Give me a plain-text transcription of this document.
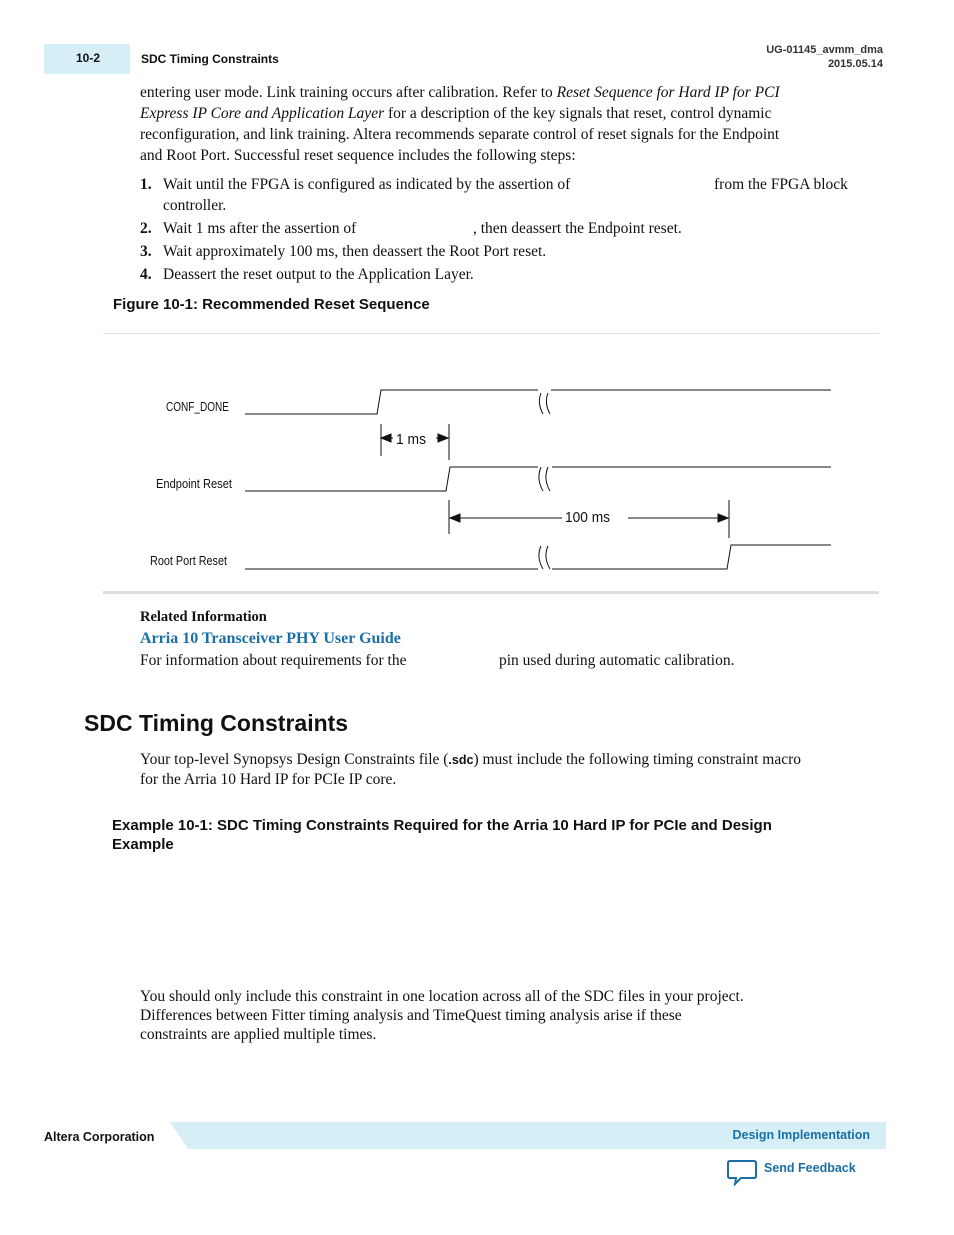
10-2	SDC Timing Constraints
UG-01145_avmm_dma
2015.05.14
entering user mode. Link training occurs after calibration. Refer to Reset Sequence for Hard IP for PCI
Express IP Core and Application Layer for a description of the key signals that reset, control dynamic
reconfiguration, and link training. Altera recommends separate control of reset signals for the Endpoint
and Root Port. Successful reset sequence includes the following steps:
1. Wait until the FPGA is configured as indicated by the assertion of	from the FPGA block
controller.
2. Wait 1 ms after the assertion of	, then deassert the Endpoint reset.
3. Wait approximately 100 ms, then deassert the Root Port reset.
4. Deassert the reset output to the Application Layer.
Figure 10-1: Recommended Reset Sequence
CONF_DONE
Endpoint Reset
Root Port Reset
1 ms
100 ms
Related Information
Arria 10 Transceiver PHY User Guide
For information about requirements for the	pin used during automatic calibration.
SDC Timing Constraints
Your top-level Synopsys Design Constraints file (.sdc) must include the following timing constraint macro
for the Arria 10 Hard IP for PCIe IP core.
Example 10-1: SDC Timing Constraints Required for the Arria 10 Hard IP for PCIe and Design
Example
You should only include this constraint in one location across all of the SDC files in your project.
Differences between Fitter timing analysis and TimeQuest timing analysis arise if these
constraints are applied multiple times.
Altera Corporation	Design Implementation
Send Feedback
